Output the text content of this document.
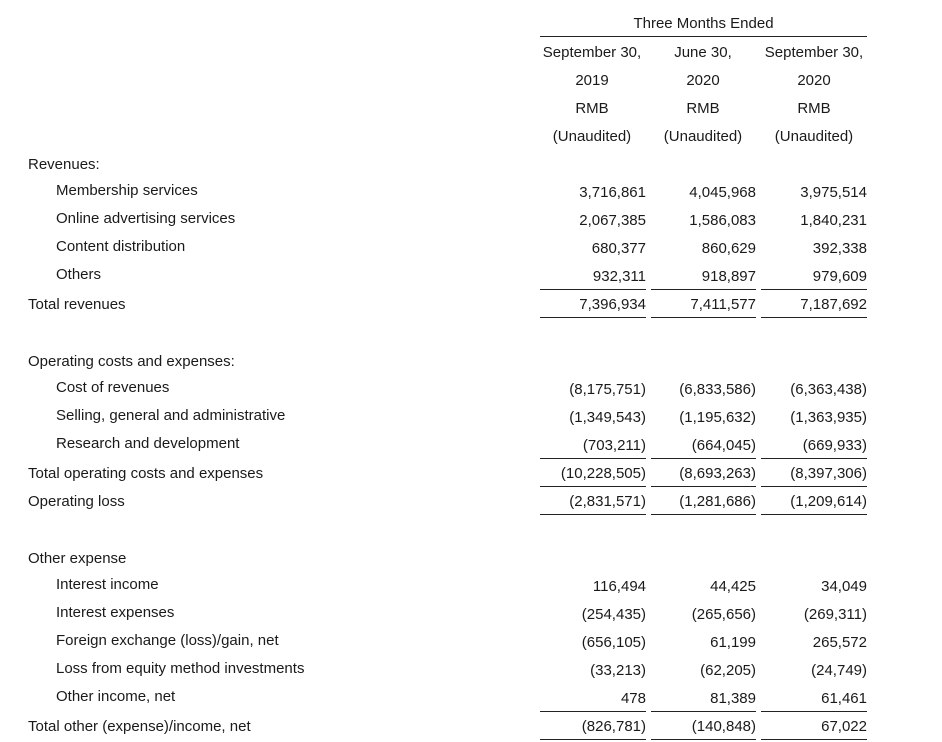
Three Months Ended
September 30,	June 30,	September 30,
2019	2020	2020
RMB	RMB	RMB
(Unaudited)	(Unaudited)	(Unaudited)
Revenues:
Membership services	3,716,861	4,045,968	3,975,514
Online advertising services	2,067,385	1,586,083	1,840,231
Content distribution	680,377	860,629	392,338
Others	932,311	918,897	979,609
Total revenues	7,396,934	7,411,577	7,187,692
Operating costs and expenses:
Cost of revenues	(8,175,751)	(6,833,586)	(6,363,438)
Selling, general and administrative	(1,349,543)	(1,195,632)	(1,363,935)
Research and development	(703,211)	(664,045)	(669,933)
Total operating costs and expenses	(10,228,505)	(8,693,263)	(8,397,306)
Operating loss	(2,831,571)	(1,281,686)	(1,209,614)
Other expense
Interest income	116,494	44,425	34,049
Interest expenses	(254,435)	(265,656)	(269,311)
Foreign exchange (loss)/gain, net	(656,105)	61,199	265,572
Loss from equity method investments	(33,213)	(62,205)	(24,749)
Other income, net	478	81,389	61,461
Total other (expense)/income, net	(826,781)	(140,848)	67,022
